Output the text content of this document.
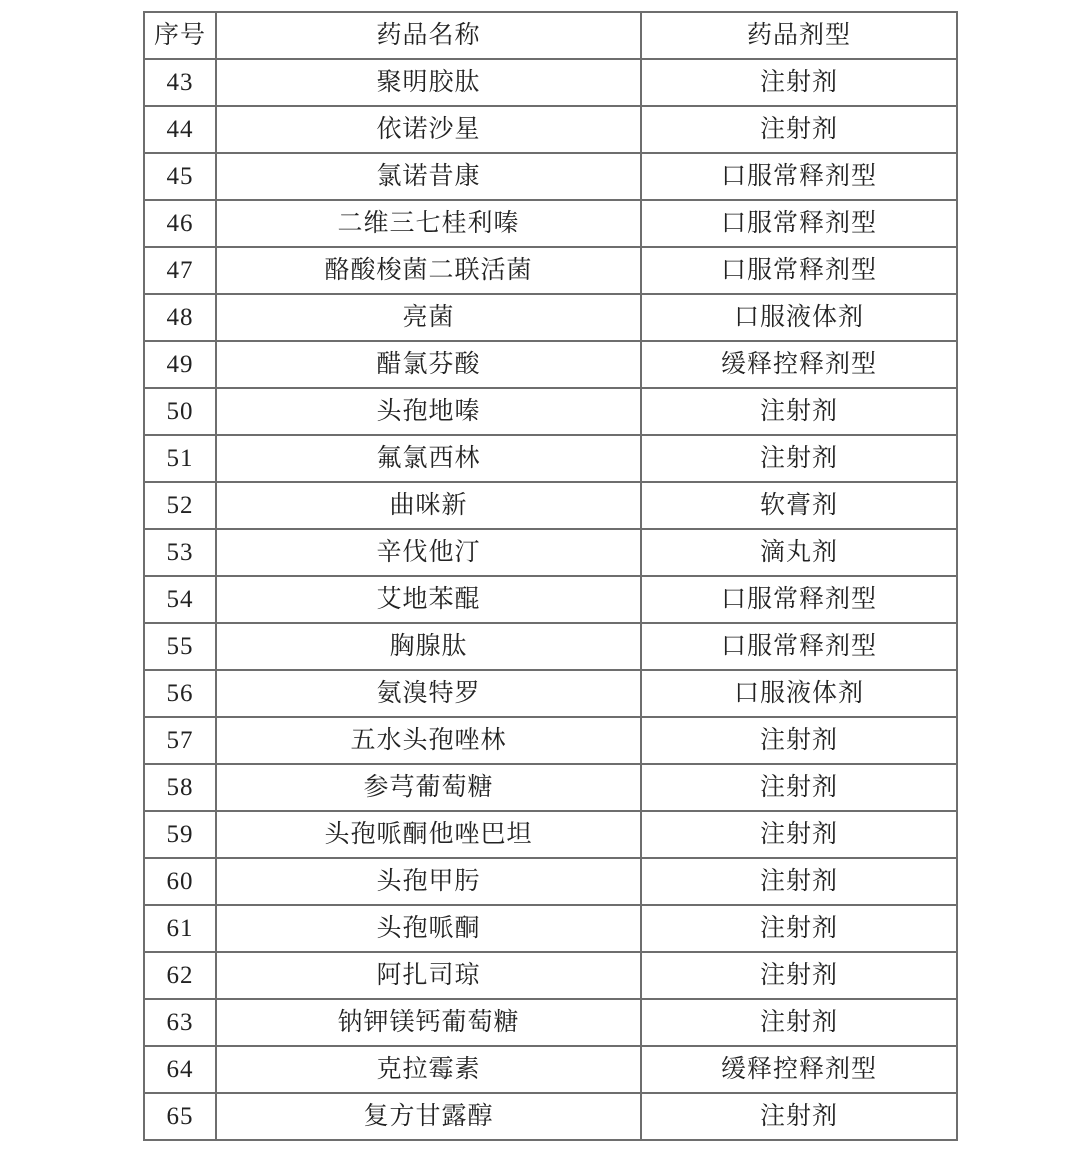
序号	药品名称	药品剂型
43	聚明胶肽	注射剂
44	依诺沙星	注射剂
45	氯诺昔康	口服常释剂型
46	二维三七桂利嗪	口服常释剂型
47	酪酸梭菌二联活菌	口服常释剂型
48	亮菌	口服液体剂
49	醋氯芬酸	缓释控释剂型
50	头孢地嗪	注射剂
51	氟氯西林	注射剂
52	曲咪新	软膏剂
53	辛伐他汀	滴丸剂
54	艾地苯醌	口服常释剂型
55	胸腺肽	口服常释剂型
56	氨溴特罗	口服液体剂
57	五水头孢唑林	注射剂
58	参芎葡萄糖	注射剂
59	头孢哌酮他唑巴坦	注射剂
60	头孢甲肟	注射剂
61	头孢哌酮	注射剂
62	阿扎司琼	注射剂
63	钠钾镁钙葡萄糖	注射剂
64	克拉霉素	缓释控释剂型
65	复方甘露醇	注射剂
